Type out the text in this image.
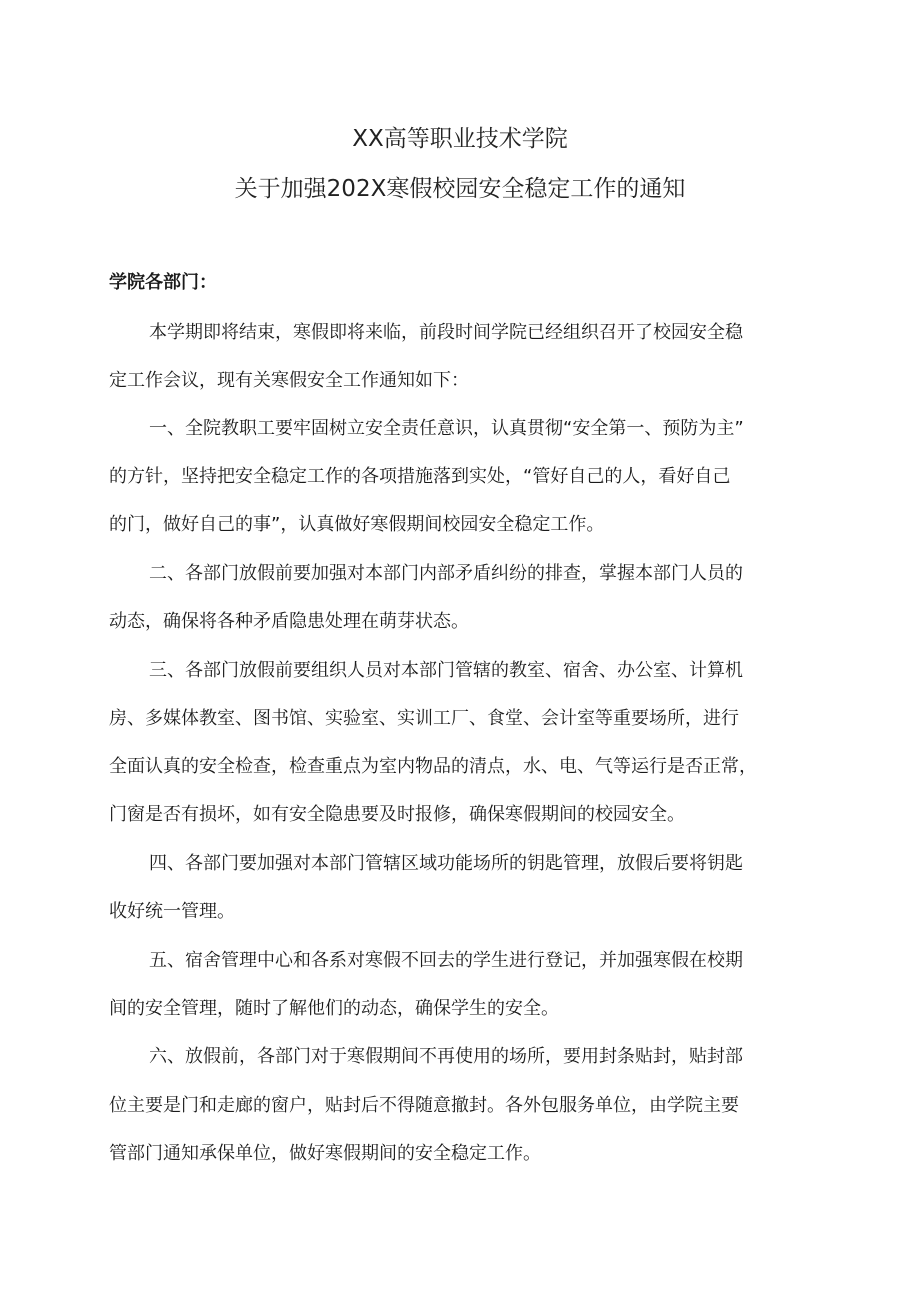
XX高等职业技术学院
关于加强202X寒假校园安全稳定工作的通知
学院各部门：
本学期即将结束，寒假即将来临，前段时间学院已经组织召开了校园安全稳
定工作会议，现有关寒假安全工作通知如下：
一、全院教职工要牢固树立安全责任意识，认真贯彻“安全第一、预防为主”
的方针，坚持把安全稳定工作的各项措施落到实处，“管好自己的人，看好自己
的门，做好自己的事”，认真做好寒假期间校园安全稳定工作。
二、各部门放假前要加强对本部门内部矛盾纠纷的排查，掌握本部门人员的
动态，确保将各种矛盾隐患处理在萌芽状态。
三、各部门放假前要组织人员对本部门管辖的教室、宿舍、办公室、计算机
房、多媒体教室、图书馆、实验室、实训工厂、食堂、会计室等重要场所，进行
全面认真的安全检查，检查重点为室内物品的清点，水、电、气等运行是否正常，
门窗是否有损坏，如有安全隐患要及时报修，确保寒假期间的校园安全。
四、各部门要加强对本部门管辖区域功能场所的钥匙管理，放假后要将钥匙
收好统一管理。
五、宿舍管理中心和各系对寒假不回去的学生进行登记，并加强寒假在校期
间的安全管理，随时了解他们的动态，确保学生的安全。
六、放假前，各部门对于寒假期间不再使用的场所，要用封条贴封，贴封部
位主要是门和走廊的窗户，贴封后不得随意撤封。各外包服务单位，由学院主要
管部门通知承保单位，做好寒假期间的安全稳定工作。
